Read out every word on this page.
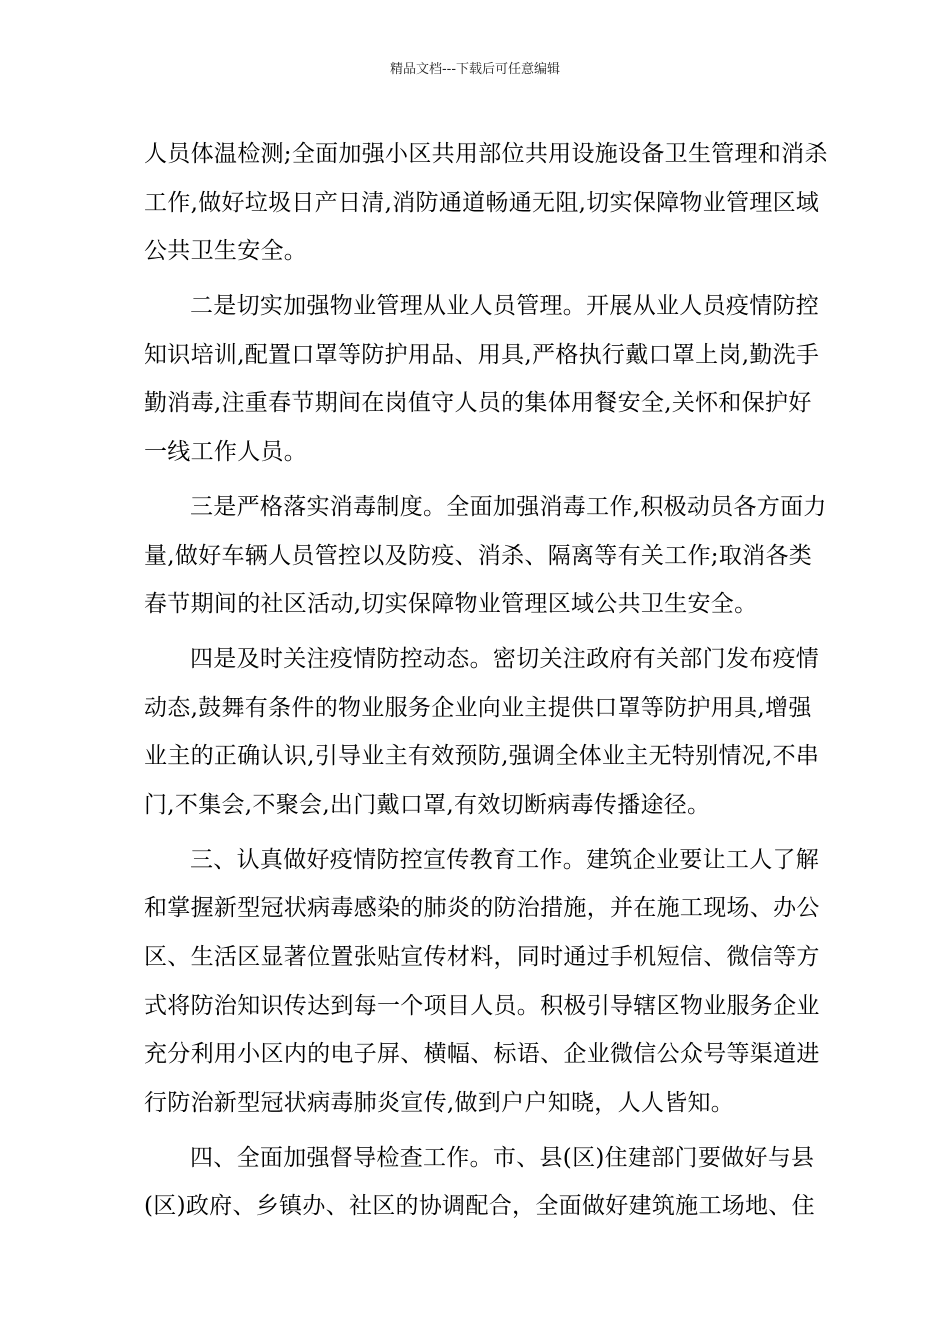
精品文档---下载后可任意编辑
人员体温检测;全面加强小区共用部位共用设施设备卫生管理和消杀
工作,做好垃圾日产日清,消防通道畅通无阻,切实保障物业管理区域
公共卫生安全。
二是切实加强物业管理从业人员管理。开展从业人员疫情防控
知识培训,配置口罩等防护用品、用具,严格执行戴口罩上岗,勤洗手
勤消毒,注重春节期间在岗值守人员的集体用餐安全,关怀和保护好
一线工作人员。
三是严格落实消毒制度。全面加强消毒工作,积极动员各方面力
量,做好车辆人员管控以及防疫、消杀、隔离等有关工作;取消各类
春节期间的社区活动,切实保障物业管理区域公共卫生安全。
四是及时关注疫情防控动态。密切关注政府有关部门发布疫情
动态,鼓舞有条件的物业服务企业向业主提供口罩等防护用具,增强
业主的正确认识,引导业主有效预防,强调全体业主无特别情况,不串
门,不集会,不聚会,出门戴口罩,有效切断病毒传播途径。
三、认真做好疫情防控宣传教育工作。建筑企业要让工人了解
和掌握新型冠状病毒感染的肺炎的防治措施，并在施工现场、办公
区、生活区显著位置张贴宣传材料，同时通过手机短信、微信等方
式将防治知识传达到每一个项目人员。积极引导辖区物业服务企业
充分利用小区内的电子屏、横幅、标语、企业微信公众号等渠道进
行防治新型冠状病毒肺炎宣传,做到户户知晓，人人皆知。
四、全面加强督导检查工作。市、县(区)住建部门要做好与县
(区)政府、乡镇办、社区的协调配合，全面做好建筑施工场地、住
